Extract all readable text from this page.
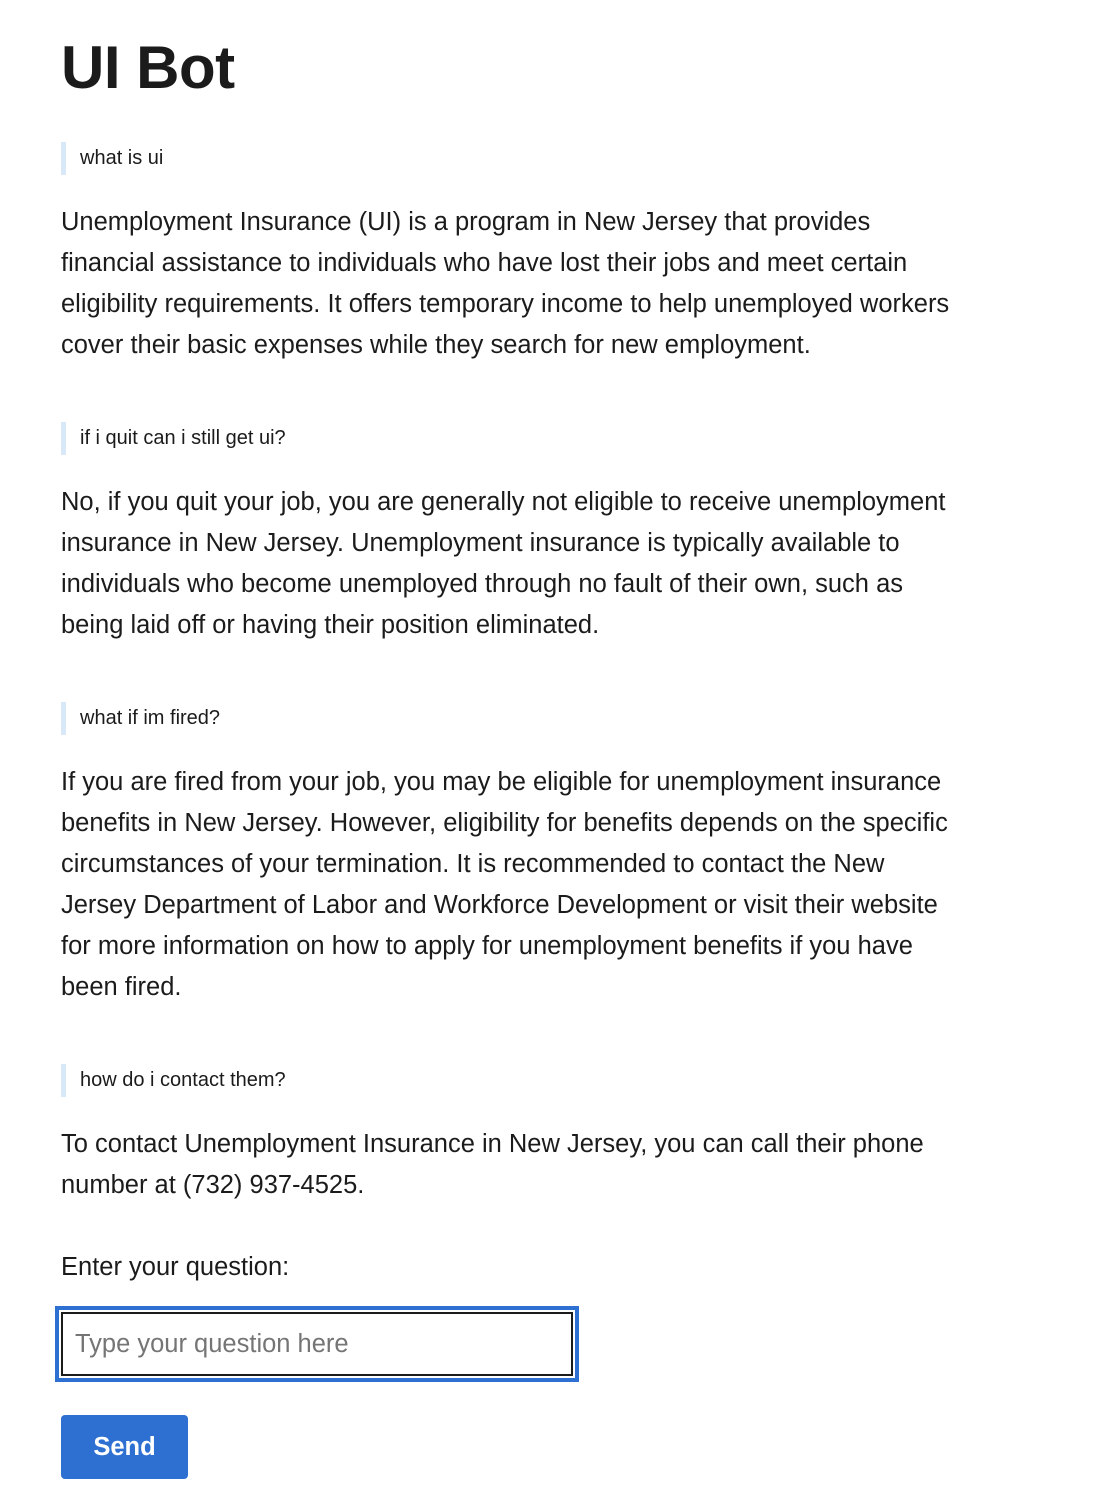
UI Bot
what is ui
Unemployment Insurance (UI) is a program in New Jersey that provides financial assistance to individuals who have lost their jobs and meet certain eligibility requirements. It offers temporary income to help unemployed workers cover their basic expenses while they search for new employment.
if i quit can i still get ui?
No, if you quit your job, you are generally not eligible to receive unemployment insurance in New Jersey. Unemployment insurance is typically available to individuals who become unemployed through no fault of their own, such as being laid off or having their position eliminated.
what if im fired?
If you are fired from your job, you may be eligible for unemployment insurance benefits in New Jersey. However, eligibility for benefits depends on the specific circumstances of your termination. It is recommended to contact the New Jersey Department of Labor and Workforce Development or visit their website for more information on how to apply for unemployment benefits if you have been fired.
how do i contact them?
To contact Unemployment Insurance in New Jersey, you can call their phone number at (732) 937-4525.
Enter your question:
Type your question here
Send
